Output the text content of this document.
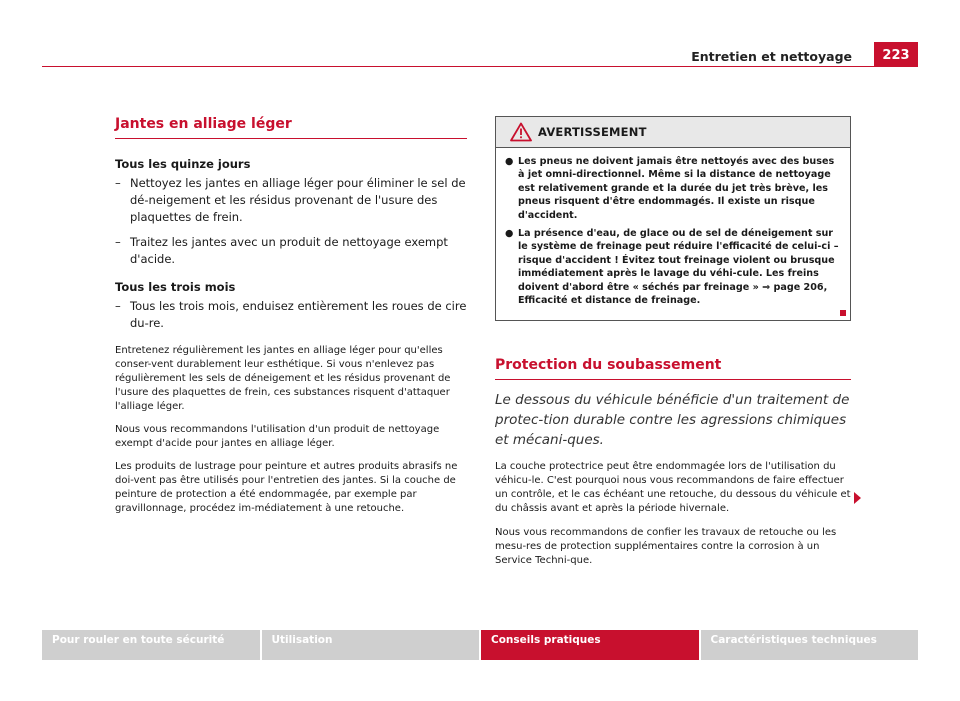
Entretien et nettoyage	223
Jantes en alliage léger
Tous les quinze jours
– Nettoyez les jantes en alliage léger pour éliminer le sel de dé-neigement et les résidus provenant de l'usure des plaquettes de frein.
– Traitez les jantes avec un produit de nettoyage exempt d'acide.
Tous les trois mois
– Tous les trois mois, enduisez entièrement les roues de cire du-re.

Entretenez régulièrement les jantes en alliage léger pour qu'elles conser-vent durablement leur esthétique. Si vous n'enlevez pas régulièrement les sels de déneigement et les résidus provenant de l'usure des plaquettes de frein, ces substances risquent d'attaquer l'alliage léger.

Nous vous recommandons l'utilisation d'un produit de nettoyage exempt d'acide pour jantes en alliage léger.

Les produits de lustrage pour peinture et autres produits abrasifs ne doi-vent pas être utilisés pour l'entretien des jantes. Si la couche de peinture de protection a été endommagée, par exemple par gravillonnage, procédez im-médiatement à une retouche.

AVERTISSEMENT
● Les pneus ne doivent jamais être nettoyés avec des buses à jet omni-directionnel. Même si la distance de nettoyage est relativement grande et la durée du jet très brève, les pneus risquent d'être endommagés. Il existe un risque d'accident.
● La présence d'eau, de glace ou de sel de déneigement sur le système de freinage peut réduire l'efficacité de celui-ci – risque d'accident ! Évitez tout freinage violent ou brusque immédiatement après le lavage du véhi-cule. Les freins doivent d'abord être « séchés par freinage » ⇒ page 206, Efficacité et distance de freinage.
Protection du soubassement

Le dessous du véhicule bénéficie d'un traitement de protec-tion durable contre les agressions chimiques et mécani-ques.

La couche protectrice peut être endommagée lors de l'utilisation du véhicu-le. C'est pourquoi nous vous recommandons de faire effectuer un contrôle, et le cas échéant une retouche, du dessous du véhicule et du châssis avant et après la période hivernale.

Nous vous recommandons de confier les travaux de retouche ou les mesu-res de protection supplémentaires contre la corrosion à un Service Techni-que.

Pour rouler en toute sécurité	Utilisation	Conseils pratiques	Caractéristiques techniques
